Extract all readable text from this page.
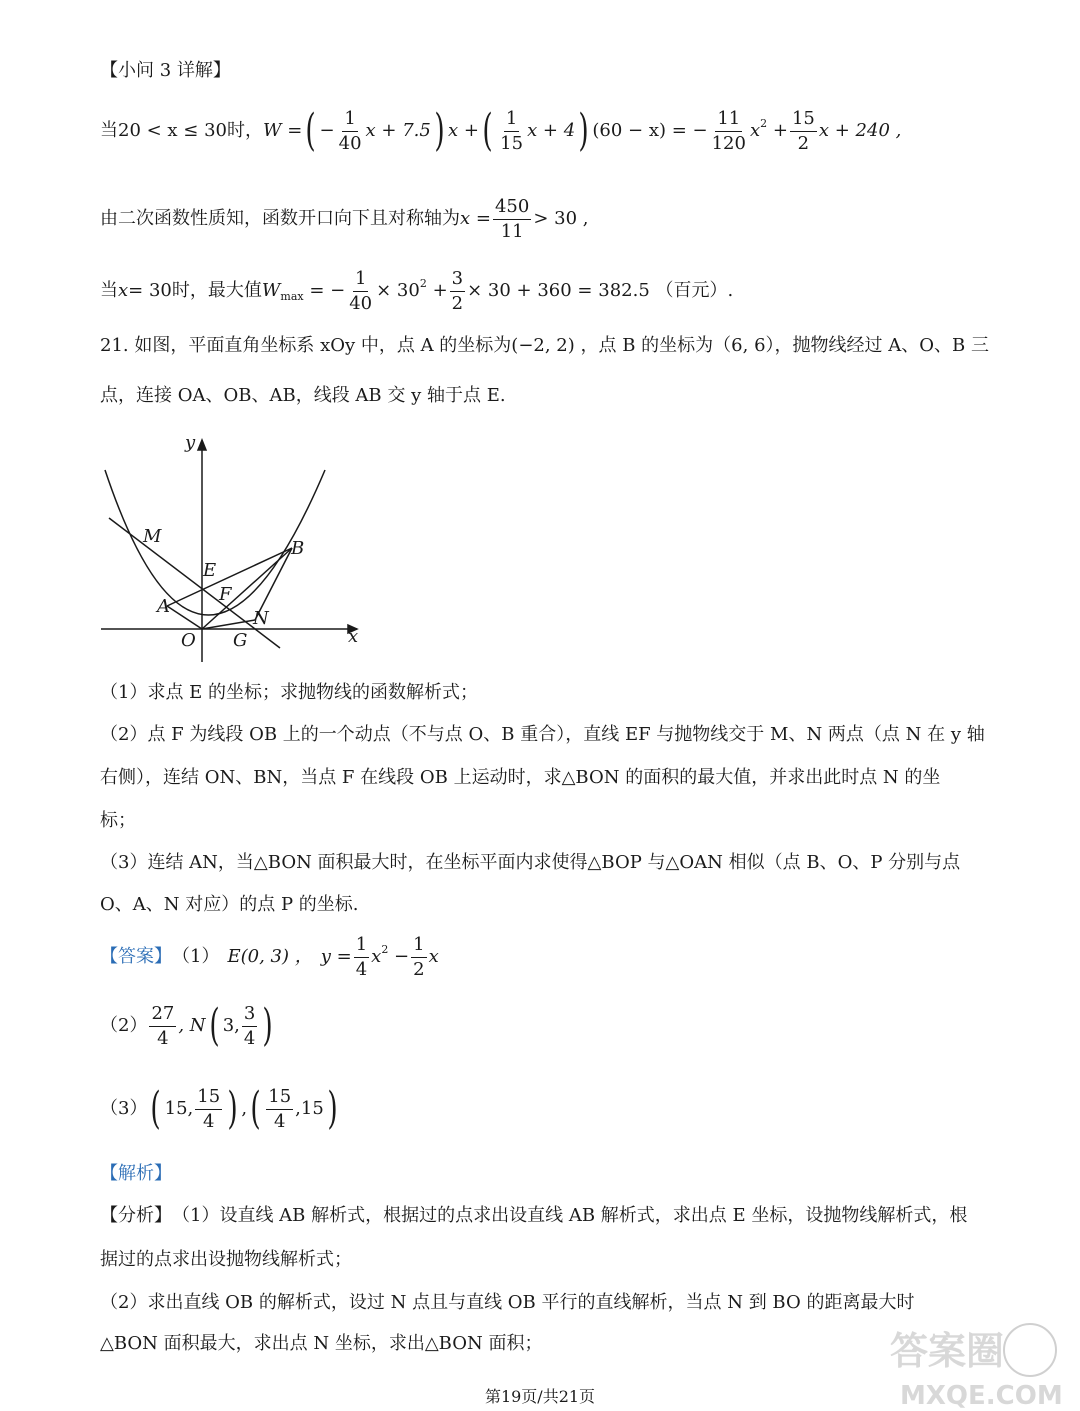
【小问 3 详解】
当20 < x ≤ 30时， W
= ( − $\frac{1}{40}$ x + 7.5 ) x + ( $\frac{1}{15}$ x + 4 ) (60 − x) = − $\frac{11}{120}$ x 2
+ $\frac{15}{2}$ x + 240 ,
由二次函数性质知，函数开口向下且对称轴为 x
= $\frac{450}{11} > 30$ ,
当 x = 30时，最大值 W max
= − $\frac{1}{40} \times 30$ 2
+ $\frac{3}{2} \times 30 + 360 = 382.5$ （百元）.
21. 如图，平面直角坐标系 xOy 中，点 A 的坐标为(−2, 2) ，点 B 的坐标为（6, 6），抛物线经过 A、O、B 三
点，连接 OA、OB、AB，线段 AB 交 y 轴于点 E.
y
x
M
B
E
F
A
N
O G
（1）求点 E 的坐标；求抛物线的函数解析式；
（2）点 F 为线段 OB 上的一个动点（不与点 O、B 重合），直线 EF 与抛物线交于 M、N 两点（点 N 在 y 轴
右侧），连结 ON、BN，当点 F 在线段 OB 上运动时，求△BON 的面积的最大值，并求出此时点 N 的坐
标；
（3）连结 AN，当△BON 面积最大时，在坐标平面内求使得△BOP 与△OAN 相似（点 B、O、P 分别与点
O、A、N 对应）的点 P 的坐标.
【答案】 （1） E(0, 3) ， $y = \frac{1}{4}$ x 2
− $\frac{1}{2}$ x
$(2) \frac{27}{4}$ , N ( 3, $\frac{3}{4}$ )
（3） ( 15, $\frac{15}{4}$ ) , ( $\frac{15}{4} ,15$ )
【解析】
【分析】 （1）设直线 AB 解析式，根据过的点求出设直线 AB 解析式，求出点 E 坐标，设抛物线解析式，根
据过的点求出设抛物线解析式；
（2）求出直线 OB 的解析式，设过 N 点且与直线 OB 平行的直线解析，当点 N 到 BO 的距离最大时
△BON 面积最大，求出点 N 坐标，求出△BON 面积；
第19页/共21页
答案圈
MXQE.COM
